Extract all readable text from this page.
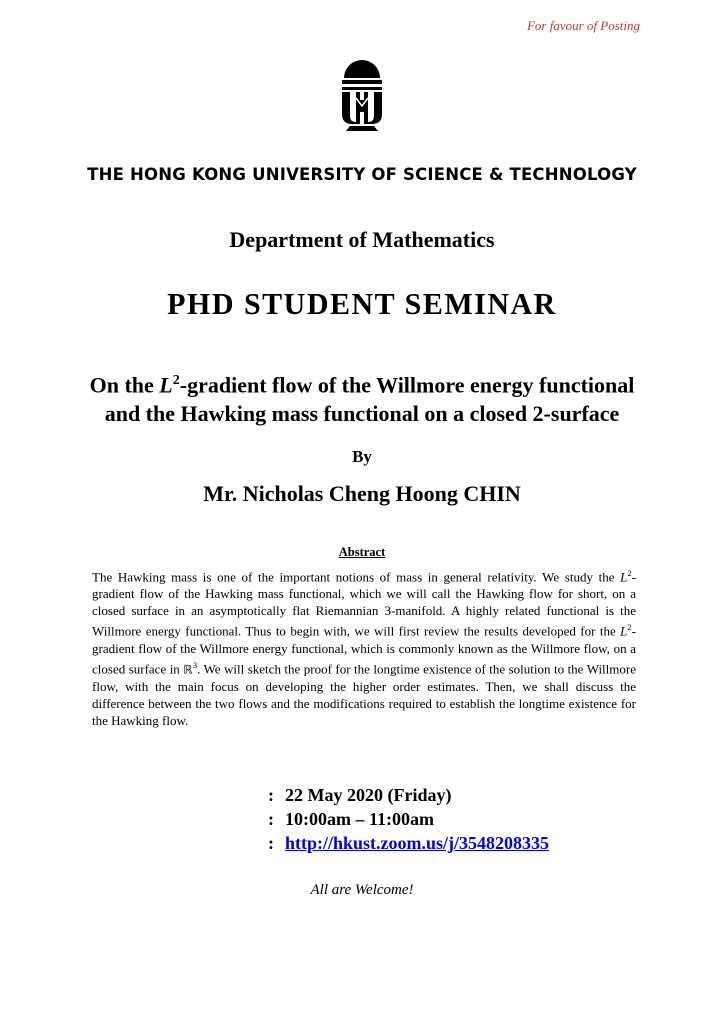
For favour of Posting
THE HONG KONG UNIVERSITY OF SCIENCE & TECHNOLOGY
Department of Mathematics
PHD STUDENT SEMINAR
On the $L^2$-gradient flow of the Willmore energy functional
and the Hawking mass functional on a closed 2-surface
By
Mr. Nicholas Cheng Hoong CHIN
Abstract
The Hawking mass is one of the important notions of mass in general relativity. We study the $L^2$-gradient flow of the Hawking mass functional, which we will call the Hawking flow for short, on a closed surface in an asymptotically flat Riemannian 3-manifold. A highly related functional is the Willmore energy functional. Thus to begin with, we will first review the results developed for the $L^2$-gradient flow of the Willmore energy functional, which is commonly known as the Willmore flow, on a closed surface in ℝ$^3$. We will sketch the proof for the longtime existence of the solution to the Willmore flow, with the main focus on developing the higher order estimates. Then, we shall discuss the difference between the two flows and the modifications required to establish the longtime existence for the Hawking flow.
: 22 May 2020 (Friday)
: 10:00am – 11:00am
: http://hkust.zoom.us/j/3548208335
All are Welcome!
